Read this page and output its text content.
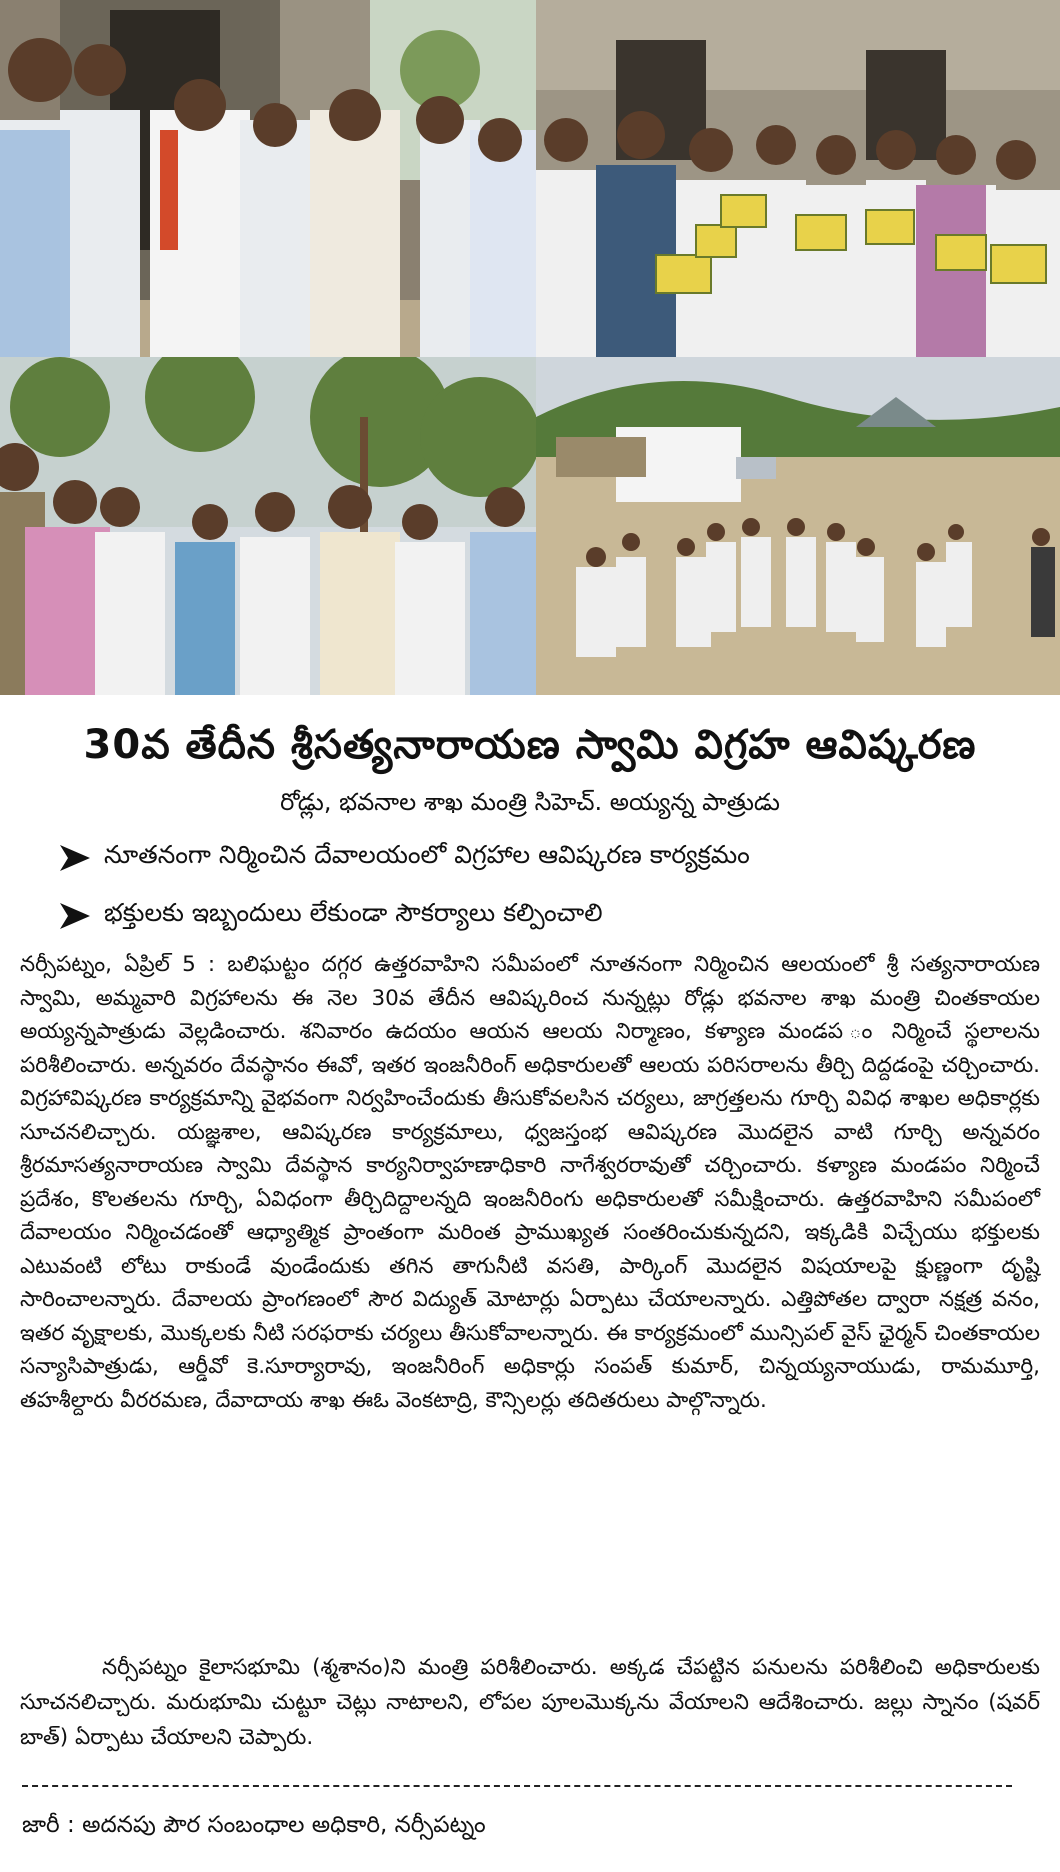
30వ తేదీన శ్రీసత్యనారాయణ స్వామి విగ్రహ ఆవిష్కరణ
రోడ్లు, భవనాల శాఖ మంత్రి సిహెచ్. అయ్యన్న పాత్రుడు
నూతనంగా నిర్మించిన దేవాలయంలో విగ్రహాల ఆవిష్కరణ కార్యక్రమం
భక్తులకు ఇబ్బందులు లేకుండా సౌకర్యాలు కల్పించాలి
నర్సీపట్నం, ఏప్రిల్ 5 : బలిఘట్టం దగ్గర ఉత్తరవాహిని సమీపంలో నూతనంగా నిర్మించిన ఆలయంలో శ్రీ సత్యనారాయణ స్వామి, అమ్మవారి విగ్రహాలను ఈ నెల 30వ తేదీన ఆవిష్కరించ నున్నట్లు రోడ్లు భవనాల శాఖ మంత్రి చింతకాయల అయ్యన్నపాత్రుడు వెల్లడించారు. శనివారం ఉదయం ఆయన ఆలయ నిర్మాణం, కళ్యాణ మండప ం నిర్మించే స్థలాలను పరిశీలించారు. అన్నవరం దేవస్థానం ఈవో, ఇతర ఇంజనీరింగ్ అధికారులతో ఆలయ పరిసరాలను తీర్చి దిద్దడంపై చర్చించారు. విగ్రహావిష్కరణ కార్యక్రమాన్ని వైభవంగా నిర్వహించేందుకు తీసుకోవలసిన చర్యలు, జాగ్రత్తలను గూర్చి వివిధ శాఖల అధికార్లకు సూచనలిచ్చారు. యజ్ఞశాల, ఆవిష్కరణ కార్యక్రమాలు, ధ్వజస్తంభ ఆవిష్కరణ మొదలైన వాటి గూర్చి అన్నవరం శ్రీరమాసత్యనారాయణ స్వామి దేవస్థాన కార్యనిర్వాహణాధికారి నాగేశ్వరరావుతో చర్చించారు. కళ్యాణ మండపం నిర్మించే ప్రదేశం, కొలతలను గూర్చి, ఏవిధంగా తీర్చిదిద్దాలన్నది ఇంజనీరింగు అధికారులతో సమీక్షించారు. ఉత్తరవాహిని సమీపంలో దేవాలయం నిర్మించడంతో ఆధ్యాత్మిక ప్రాంతంగా మరింత ప్రాముఖ్యత సంతరించుకున్నదని, ఇక్కడికి విచ్చేయు భక్తులకు ఎటువంటి లోటు రాకుండే వుండేందుకు తగిన తాగునీటి వసతి, పార్కింగ్ మొదలైన విషయాలపై క్షుణ్ణంగా దృష్టి సారించాలన్నారు. దేవాలయ ప్రాంగణంలో సౌర విద్యుత్ మోటార్లు ఏర్పాటు చేయాలన్నారు. ఎత్తిపోతల ద్వారా నక్షత్ర వనం, ఇతర వృక్షాలకు, మొక్కలకు నీటి సరఫరాకు చర్యలు తీసుకోవాలన్నారు. ఈ కార్యక్రమంలో మున్సిపల్ వైస్ ఛైర్మన్ చింతకాయల సన్యాసిపాత్రుడు, ఆర్డీవో కె.సూర్యారావు, ఇంజనీరింగ్ అధికార్లు సంపత్ కుమార్, చిన్నయ్యనాయుడు, రామమూర్తి, తహశీల్దారు వీరరమణ, దేవాదాయ శాఖ ఈఓ వెంకటాద్రి, కౌన్సిలర్లు తదితరులు పాల్గొన్నారు.
నర్సీపట్నం కైలాసభూమి (శ్మశానం)ని మంత్రి పరిశీలించారు. అక్కడ చేపట్టిన పనులను పరిశీలించి అధికారులకు సూచనలిచ్చారు. మరుభూమి చుట్టూ చెట్లు నాటాలని, లోపల పూలమొక్కను వేయాలని ఆదేశించారు. జల్లు స్నానం (షవర్ బాత్) ఏర్పాటు చేయాలని చెప్పారు.
జారీ : అదనపు పౌర సంబంధాల అధికారి, నర్సీపట్నం
